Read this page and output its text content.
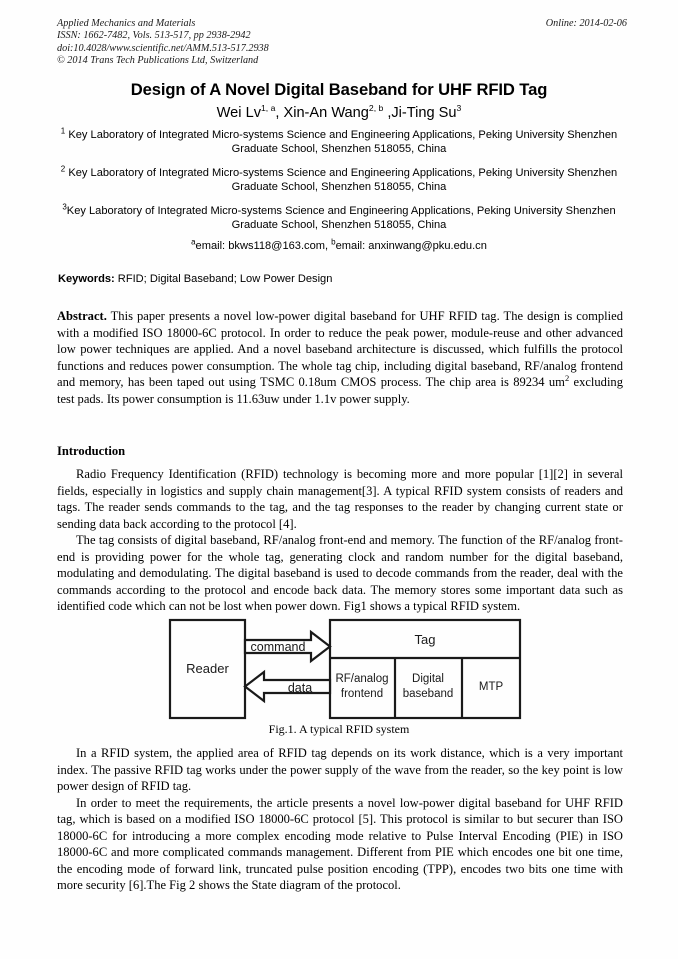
Applied Mechanics and Materials
ISSN: 1662-7482, Vols. 513-517, pp 2938-2942
doi:10.4028/www.scientific.net/AMM.513-517.2938
© 2014 Trans Tech Publications Ltd, Switzerland
Online: 2014-02-06
Design of A Novel Digital Baseband for UHF RFID Tag
Wei Lv$^{1, a}$, Xin-An Wang$^{2, b}$ ,Ji-Ting Su$^3$
$^1$ Key Laboratory of Integrated Micro-systems Science and Engineering Applications, Peking University Shenzhen Graduate School, Shenzhen 518055, China
$^2$ Key Laboratory of Integrated Micro-systems Science and Engineering Applications, Peking University Shenzhen Graduate School, Shenzhen 518055, China
$^3$Key Laboratory of Integrated Micro-systems Science and Engineering Applications, Peking University Shenzhen Graduate School, Shenzhen 518055, China
$^a$email: bkws118@163.com, $^b$email: anxinwang@pku.edu.cn
Keywords: RFID; Digital Baseband; Low Power Design
Abstract. This paper presents a novel low-power digital baseband for UHF RFID tag. The design is complied with a modified ISO 18000-6C protocol. In order to reduce the peak power, module-reuse and other advanced low power techniques are applied. And a novel baseband architecture is discussed, which fulfills the protocol functions and reduces power consumption. The whole tag chip, including digital baseband, RF/analog frontend and memory, has been taped out using TSMC 0.18um CMOS process. The chip area is 89234 $um^2$ excluding test pads. Its power consumption is 11.63uw under 1.1v power supply.
Introduction

Radio Frequency Identification (RFID) technology is becoming more and more popular [1][2] in several fields, especially in logistics and supply chain management[3]. A typical RFID system consists of readers and tags. The reader sends commands to the tag, and the tag responses to the reader by changing current state or sending data back according to the protocol [4].

The tag consists of digital baseband, RF/analog front-end and memory. The function of the RF/analog front-end is providing power for the whole tag, generating clock and random number for the digital baseband, modulating and demodulating. The digital baseband is used to decode commands from the reader, deal with the commands according to the protocol and encode back data. The memory stores some important data such as identified code which can not be lost when power down. Fig1 shows a typical RFID system.

Reader
Tag
RF/analog
frontend
Digital
baseband
MTP
command
data
Fig.1. A typical RFID system

In a RFID system, the applied area of RFID tag depends on its work distance, which is a very important index. The passive RFID tag works under the power supply of the wave from the reader, so the key point is low power design of RFID tag.

In order to meet the requirements, the article presents a novel low-power digital baseband for UHF RFID tag, which is based on a modified ISO 18000-6C protocol [5]. This protocol is similar to but securer than ISO 18000-6C for introducing a more complex encoding mode relative to Pulse Interval Encoding (PIE) in ISO 18000-6C and more complicated commands management. Different from PIE which encodes one bit one time, the encoding mode of forward link, truncated pulse position encoding (TPP), encodes two bits one time with more security [6].The Fig 2 shows the State diagram of the protocol.
